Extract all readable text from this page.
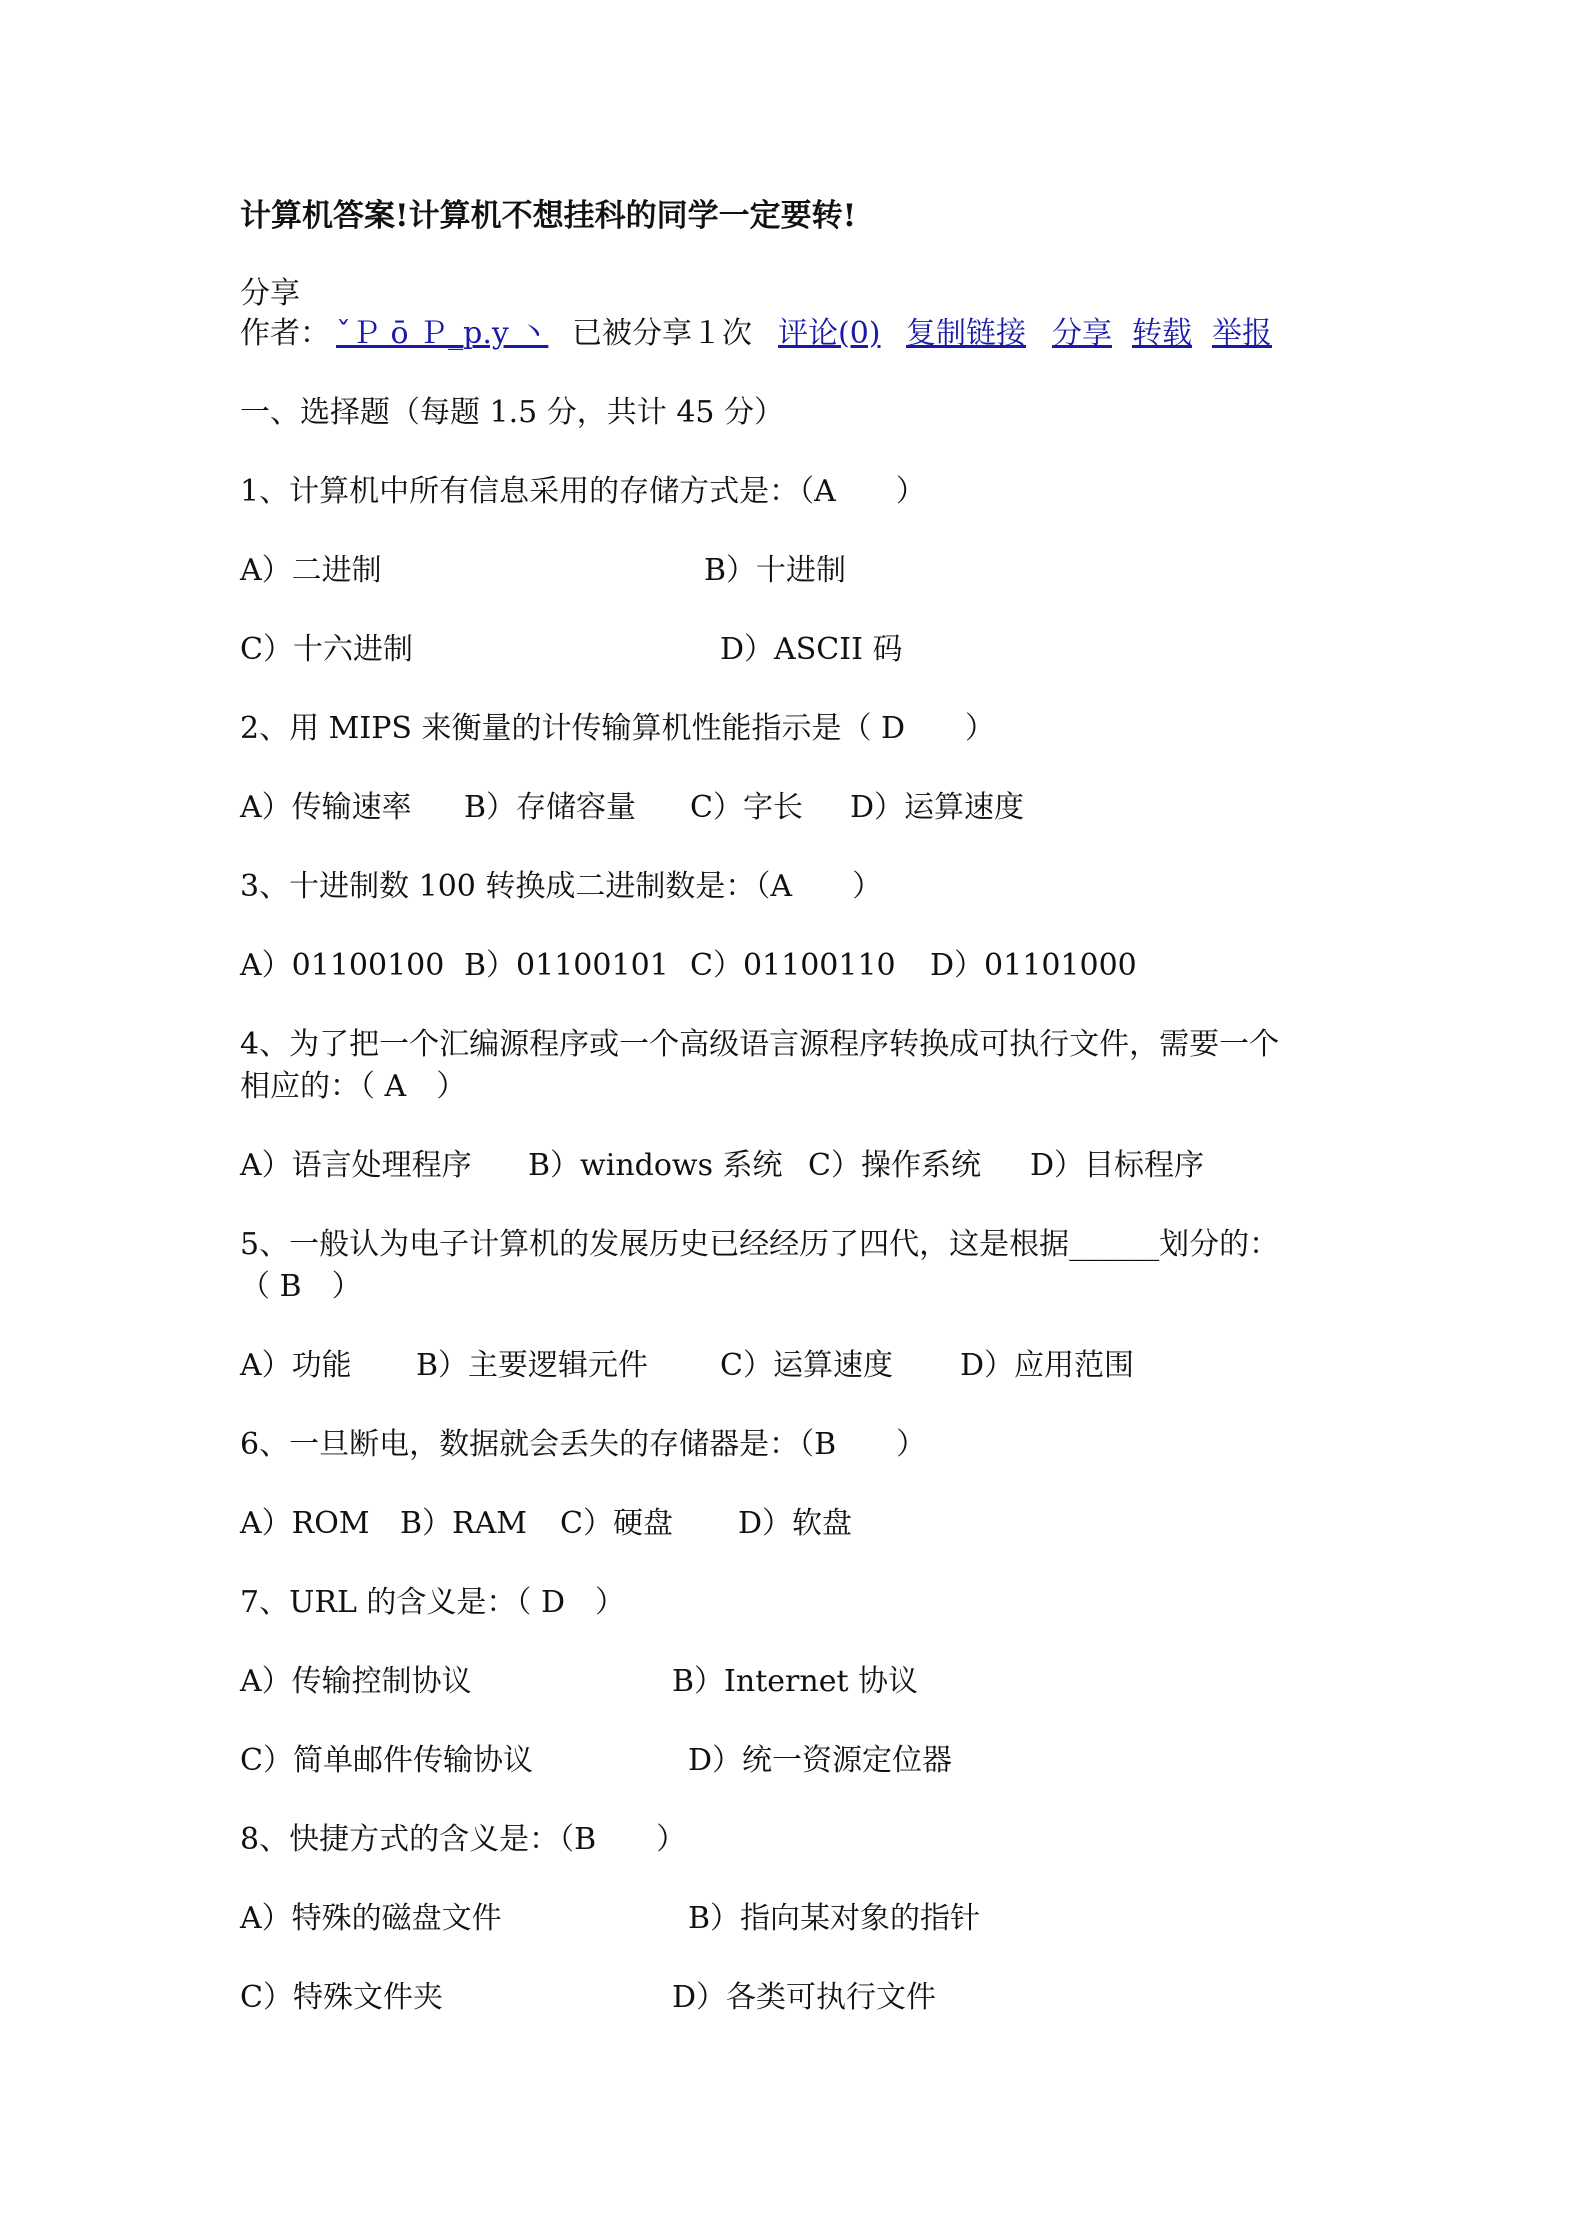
计算机答案!计算机不想挂科的同学一定要转!
分享
作者： ˇＰ ō Ｐ_p.y 丶 已被分享１次 评论(0) 复制链接 分享 转载 举报
一、选择题（每题 1.5 分，共计 45 分）
1、计算机中所有信息采用的存储方式是：（A　　）
A）二进制	B）十进制
C）十六进制	D）ASCII 码
2、用 MIPS 来衡量的计传输算机性能指示是（ D　　）
A）传输速率 B）存储容量 C）字长 D）运算速度
3、十进制数 100 转换成二进制数是：（A　　）
A）01100100 B）01100101 C）01100110 D）01101000
4、为了把一个汇编源程序或一个高级语言源程序转换成可执行文件，需要一个
相应的：（ A　）
A）语言处理程序 B）windows 系统 C）操作系统 D）目标程序
5、一般认为电子计算机的发展历史已经经历了四代，这是根据______划分的：
（ B　）
A）功能 B）主要逻辑元件 C）运算速度 D）应用范围
6、一旦断电，数据就会丢失的存储器是：（B　　）
A）ROM B）RAM C）硬盘 D）软盘
7、URL 的含义是：（ D　）
A）传输控制协议	B）Internet 协议
C）简单邮件传输协议	D）统一资源定位器
8、快捷方式的含义是：（B　　）
A）特殊的磁盘文件	B）指向某对象的指针
C）特殊文件夹	D）各类可执行文件
